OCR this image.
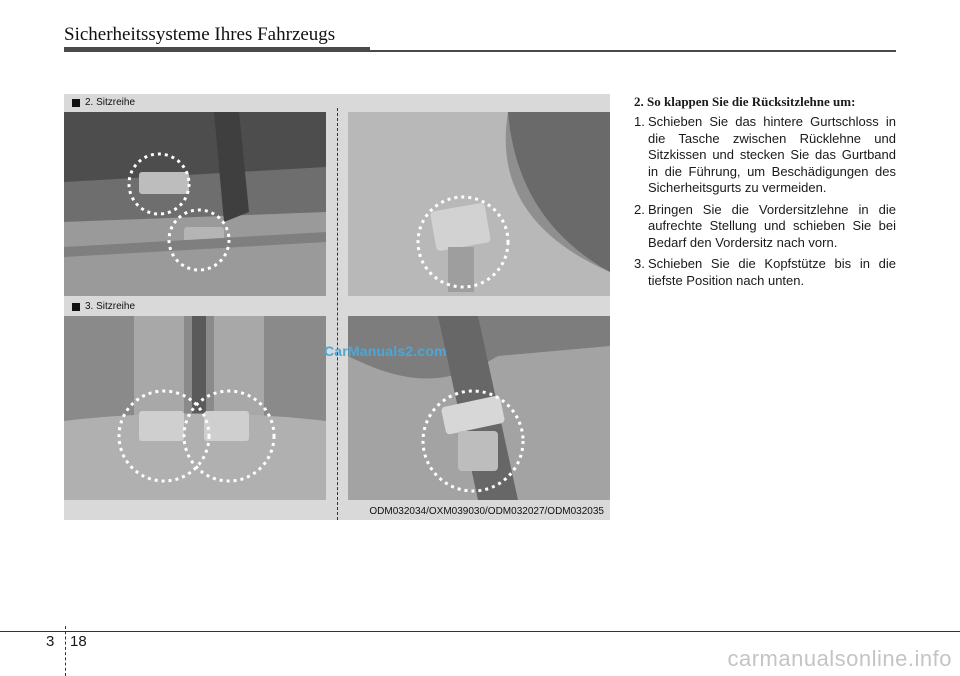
Sicherheitssysteme Ihres Fahrzeugs
2. Sitzreihe
3. Sitzreihe
ODM032034/OXM039030/ODM032027/ODM032035
CarManuals2.com
2. So klappen Sie die Rücksitzlehne um:
1. Schieben Sie das hintere Gurtschloss in die Tasche zwischen Rücklehne und Sitzkissen und stecken Sie das Gurtband in die Führung, um Beschädigungen des Sicherheitsgurts zu vermeiden.
2. Bringen Sie die Vordersitzlehne in die aufrechte Stellung und schieben Sie bei Bedarf den Vordersitz nach vorn.
3. Schieben Sie die Kopfstütze bis in die tiefste Position nach unten.
3 18
carmanualsonline.info
